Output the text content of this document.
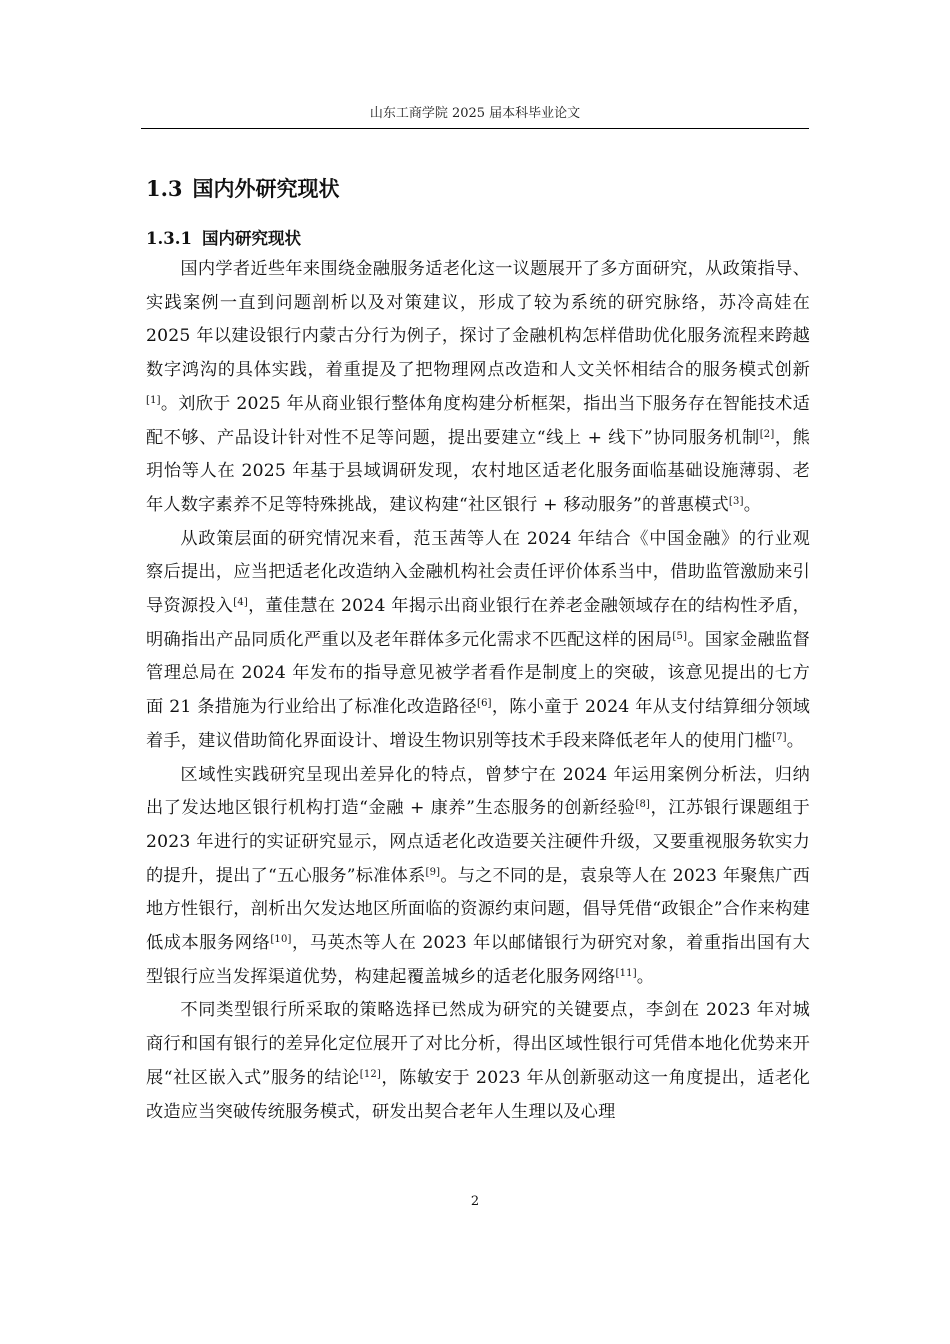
山东工商学院 2025 届本科毕业论文
1.3 国内外研究现状
1.3.1 国内研究现状

国内学者近些年来围绕金融服务适老化这一议题展开了多方面研究，从政策指导、实践案例一直到问题剖析以及对策建议，形成了较为系统的研究脉络，苏冷高娃在 2025 年以建设银行内蒙古分行为例子，探讨了金融机构怎样借助优化服务流程来跨越数字鸿沟的具体实践，着重提及了把物理网点改造和人文关怀相结合的服务模式创新[1]。刘欣于 2025 年从商业银行整体角度构建分析框架，指出当下服务存在智能技术适配不够、产品设计针对性不足等问题，提出要建立“线上 + 线下”协同服务机制[2]，熊玥怡等人在 2025 年基于县域调研发现，农村地区适老化服务面临基础设施薄弱、老年人数字素养不足等特殊挑战，建议构建“社区银行 + 移动服务”的普惠模式[3]。

从政策层面的研究情况来看，范玉茜等人在 2024 年结合《中国金融》的行业观察后提出，应当把适老化改造纳入金融机构社会责任评价体系当中，借助监管激励来引导资源投入[4]，董佳慧在 2024 年揭示出商业银行在养老金融领域存在的结构性矛盾，明确指出产品同质化严重以及老年群体多元化需求不匹配这样的困局[5]。国家金融监督管理总局在 2024 年发布的指导意见被学者看作是制度上的突破，该意见提出的七方面 21 条措施为行业给出了标准化改造路径[6]，陈小童于 2024 年从支付结算细分领域着手，建议借助简化界面设计、增设生物识别等技术手段来降低老年人的使用门槛[7]。

区域性实践研究呈现出差异化的特点，曾梦宁在 2024 年运用案例分析法，归纳出了发达地区银行机构打造“金融 + 康养”生态服务的创新经验[8]，江苏银行课题组于 2023 年进行的实证研究显示，网点适老化改造要关注硬件升级，又要重视服务软实力的提升，提出了“五心服务”标准体系[9]。与之不同的是，袁泉等人在 2023 年聚焦广西地方性银行，剖析出欠发达地区所面临的资源约束问题，倡导凭借“政银企”合作来构建低成本服务网络[10]，马英杰等人在 2023 年以邮储银行为研究对象，着重指出国有大型银行应当发挥渠道优势，构建起覆盖城乡的适老化服务网络[11]。

不同类型银行所采取的策略选择已然成为研究的关键要点，李剑在 2023 年对城商行和国有银行的差异化定位展开了对比分析，得出区域性银行可凭借本地化优势来开展“社区嵌入式”服务的结论[12]，陈敏安于 2023 年从创新驱动这一角度提出，适老化改造应当突破传统服务模式，研发出契合老年人生理以及心理

2
